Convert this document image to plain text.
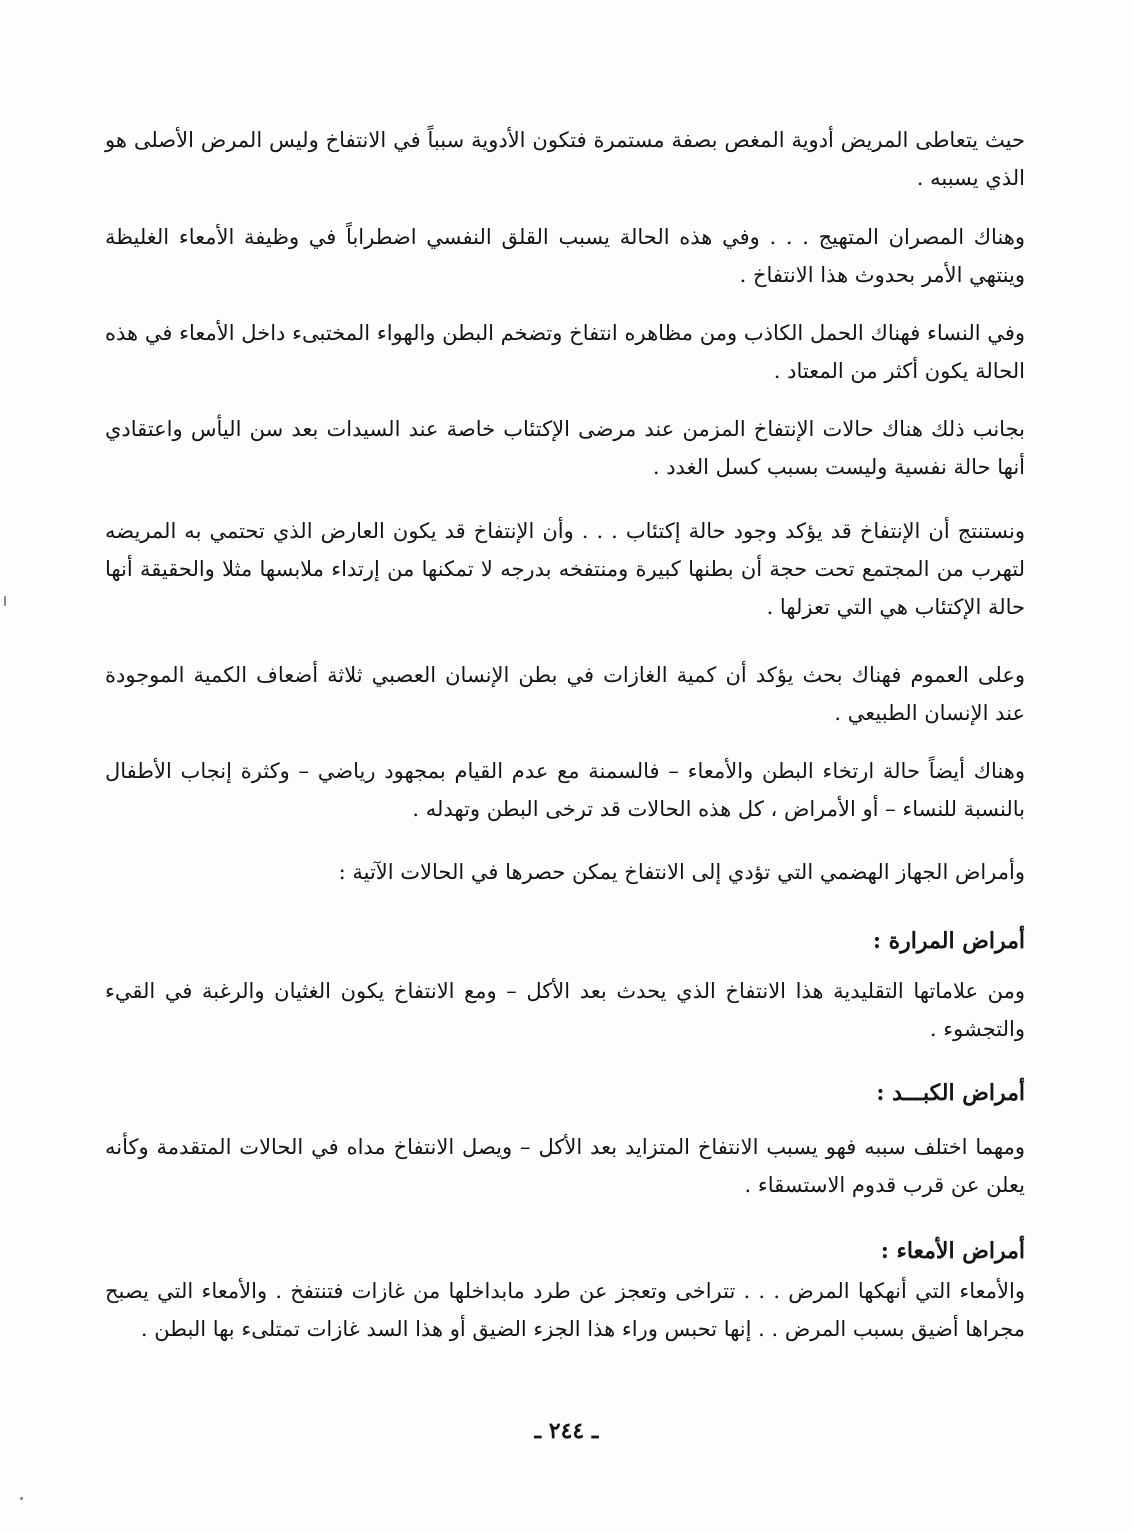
حيث يتعاطى المريض أدوية المغص بصفة مستمرة فتكون الأدوية سبباً في الانتفاخ وليس المرض الأصلى هو الذي يسببه .

وهناك المصران المتهيج . . . وفي هذه الحالة يسبب القلق النفسي اضطراباً في وظيفة الأمعاء الغليظة وينتهي الأمر بحدوث هذا الانتفاخ .

وفي النساء فهناك الحمل الكاذب ومن مظاهره انتفاخ وتضخم البطن والهواء المختبىء داخل الأمعاء في هذه الحالة يكون أكثر من المعتاد .

بجانب ذلك هناك حالات الإنتفاخ المزمن عند مرضى الإكتئاب خاصة عند السيدات بعد سن اليأس واعتقادي أنها حالة نفسية وليست بسبب كسل الغدد .

ونستنتج أن الإنتفاخ قد يؤكد وجود حالة إكتئاب . . . وأن الإنتفاخ قد يكون العارض الذي تحتمي به المريضه لتهرب من المجتمع تحت حجة أن بطنها كبيرة ومنتفخه بدرجه لا تمكنها من إرتداء ملابسها مثلا والحقيقة أنها حالة الإكتئاب هي التي تعزلها .

وعلى العموم فهناك بحث يؤكد أن كمية الغازات في بطن الإنسان العصبي ثلاثة أضعاف الكمية الموجودة عند الإنسان الطبيعي .

وهناك أيضاً حالة ارتخاء البطن والأمعاء – فالسمنة مع عدم القيام بمجهود رياضي – وكثرة إنجاب الأطفال بالنسبة للنساء – أو الأمراض ، كل هذه الحالات قد ترخى البطن وتهدله .

وأمراض الجهاز الهضمي التي تؤدي إلى الانتفاخ يمكن حصرها في الحالات الآتية :

أمراض المرارة :

ومن علاماتها التقليدية هذا الانتفاخ الذي يحدث بعد الأكل – ومع الانتفاخ يكون الغثيان والرغبة في القيء والتجشوء .

أمراض الكبـــد :

ومهما اختلف سببه فهو يسبب الانتفاخ المتزايد بعد الأكل – ويصل الانتفاخ مداه في الحالات المتقدمة وكأنه يعلن عن قرب قدوم الاستسقاء .

أمراض الأمعاء :

والأمعاء التي أنهكها المرض . . . تتراخى وتعجز عن طرد مابداخلها من غازات فتنتفخ . والأمعاء التي يصبح مجراها أضيق بسبب المرض . . إنها تحبس وراء هذا الجزء الضيق أو هذا السد غازات تمتلىء بها البطن .

ـ ٢٤٤ ـ
